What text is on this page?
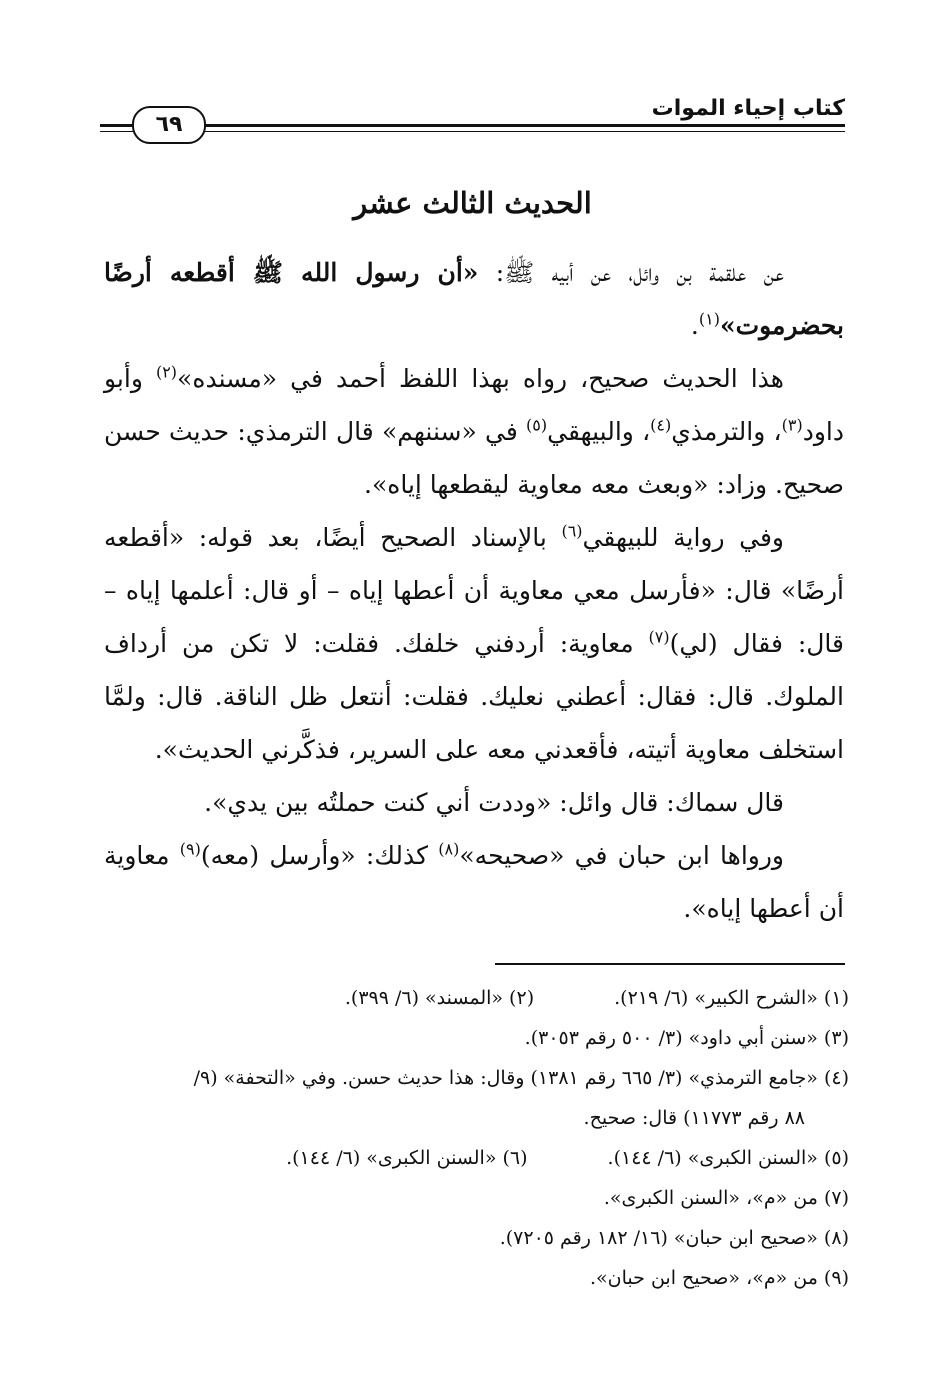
كتاب إحياء الموات
٦٩
الحديث الثالث عشر

عن علقمة بن وائل، عن أبيه ﷺ: «أن رسول الله ﷺ أقطعه أرضًا بحضرموت»$^{(١)}$.

هذا الحديث صحيح، رواه بهذا اللفظ أحمد في «مسنده»$^{(٢)}$ وأبو داود$^{(٣)}$، والترمذي$^{(٤)}$، والبيهقي$^{(٥)}$ في «سننهم» قال الترمذي: حديث حسن صحيح. وزاد: «وبعث معه معاوية ليقطعها إياه».

وفي رواية للبيهقي$^{(٦)}$ بالإسناد الصحيح أيضًا، بعد قوله: «أقطعه أرضًا» قال: «فأرسل معي معاوية أن أعطها إياه – أو قال: أعلمها إياه – قال: فقال (لي)$^{(٧)}$ معاوية: أردفني خلفك. فقلت: لا تكن من أرداف الملوك. قال: فقال: أعطني نعليك. فقلت: أنتعل ظل الناقة. قال: ولمَّا استخلف معاوية أتيته، فأقعدني معه على السرير، فذكَّرني الحديث».

قال سماك: قال وائل: «وددت أني كنت حملتُه بين يدي».

ورواها ابن حبان في «صحيحه»$^{(٨)}$ كذلك: «وأرسل (معه)$^{(٩)}$ معاوية أن أعطها إياه».

(١) «الشرح الكبير» (٦/ ٢١٩).(٢) «المسند» (٦/ ٣٩٩).
(٣) «سنن أبي داود» (٣/ ٥٠٠ رقم ٣٠٥٣).
(٤) «جامع الترمذي» (٣/ ٦٦٥ رقم ١٣٨١) وقال: هذا حديث حسن. وفي «التحفة» (٩/
٨٨ رقم ١١٧٧٣) قال: صحيح.
(٥) «السنن الكبرى» (٦/ ١٤٤).(٦) «السنن الكبرى» (٦/ ١٤٤).
(٧) من «م»، «السنن الكبرى».
(٨) «صحيح ابن حبان» (١٦/ ١٨٢ رقم ٧٢٠٥).
(٩) من «م»، «صحيح ابن حبان».
